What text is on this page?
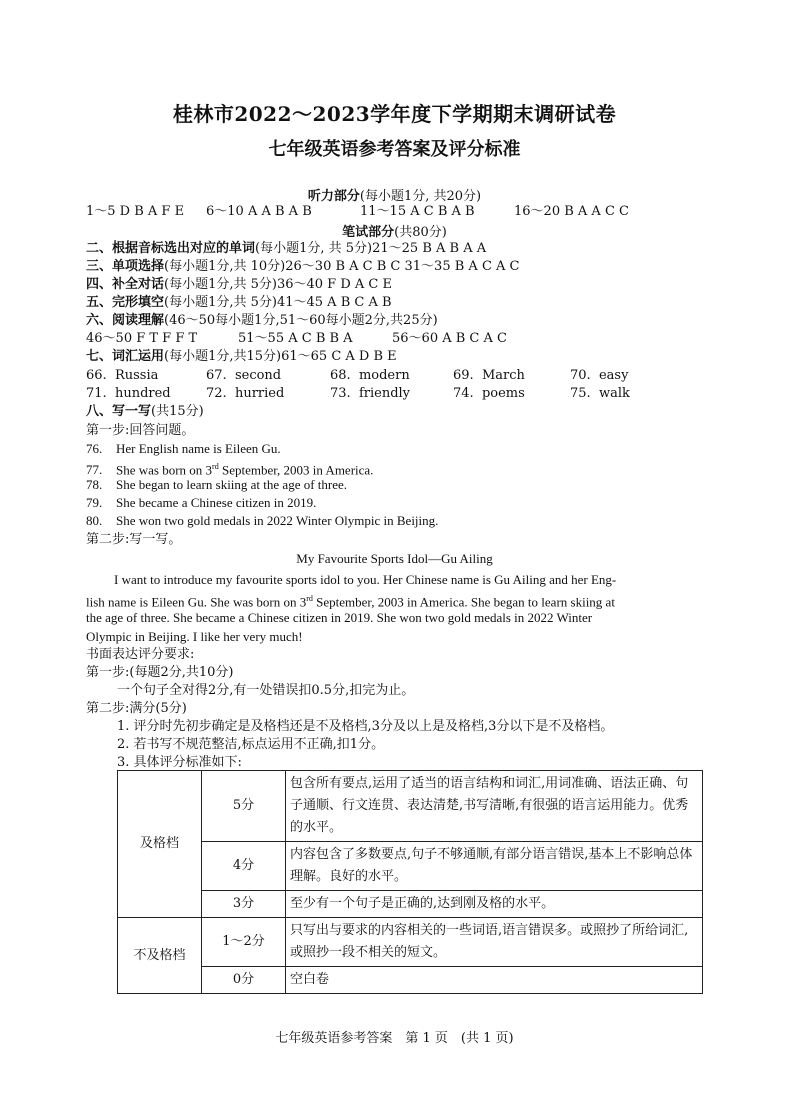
桂林市2022～2023学年度下学期期末调研试卷
七年级英语参考答案及评分标准
听力部分(每小题1分, 共20分)
1～5 D B A F E 6～10 A A B A B	11～15 A C B A B	16～20 B A A C C
笔试部分(共80分)
二、根据音标选出对应的单词(每小题1分, 共 5分)21～25 B A B A A
三、单项选择(每小题1分,共 10分)26～30 B A C B C 31～35 B A C A C
四、补全对话(每小题1分,共 5分)36～40 F D A C E
五、完形填空(每小题1分,共 5分)41～45 A B C A B
六、阅读理解(46～50每小题1分,51～60每小题2分,共25分)
46～50 F T F F T	51～55 A C B B A	56～60 A B C A C
七、词汇运用(每小题1分,共15分)61～65 C A D B E
66. Russia	67. second	68. modern	69. March	70. easy
71. hundred	72. hurried	73. friendly	74. poems	75. walk
八、写一写(共15分)
第一步:回答问题。
76. Her English name is Eileen Gu.
77. She was born on 3rd September, 2003 in America.
78. She began to learn skiing at the age of three.
79. She became a Chinese citizen in 2019.
80. She won two gold medals in 2022 Winter Olympic in Beijing.
第二步:写一写。
My Favourite Sports Idol—Gu Ailing
I want to introduce my favourite sports idol to you. Her Chinese name is Gu Ailing and her Eng-
lish name is Eileen Gu. She was born on 3rd September, 2003 in America. She began to learn skiing at
the age of three. She became a Chinese citizen in 2019. She won two gold medals in 2022 Winter
Olympic in Beijing. I like her very much!
书面表达评分要求:
第一步:(每题2分,共10分)
一个句子全对得2分,有一处错误扣0.5分,扣完为止。
第二步:满分(5分)
1. 评分时先初步确定是及格档还是不及格档,3分及以上是及格档,3分以下是不及格档。
2. 若书写不规范整洁,标点运用不正确,扣1分。
3. 具体评分标准如下:
及格档	5分	包含所有要点,运用了适当的语言结构和词汇,用词准确、语法正确、句子通顺、行文连贯、表达清楚,书写清晰,有很强的语言运用能力。优秀的水平。
	4分	内容包含了多数要点,句子不够通顺,有部分语言错误,基本上不影响总体理解。良好的水平。
	3分	至少有一个句子是正确的,达到刚及格的水平。
不及格档	1～2分	只写出与要求的内容相关的一些词语,语言错误多。或照抄了所给词汇,或照抄一段不相关的短文。
	0分	空白卷
七年级英语参考答案　第 1 页　(共 1 页)
